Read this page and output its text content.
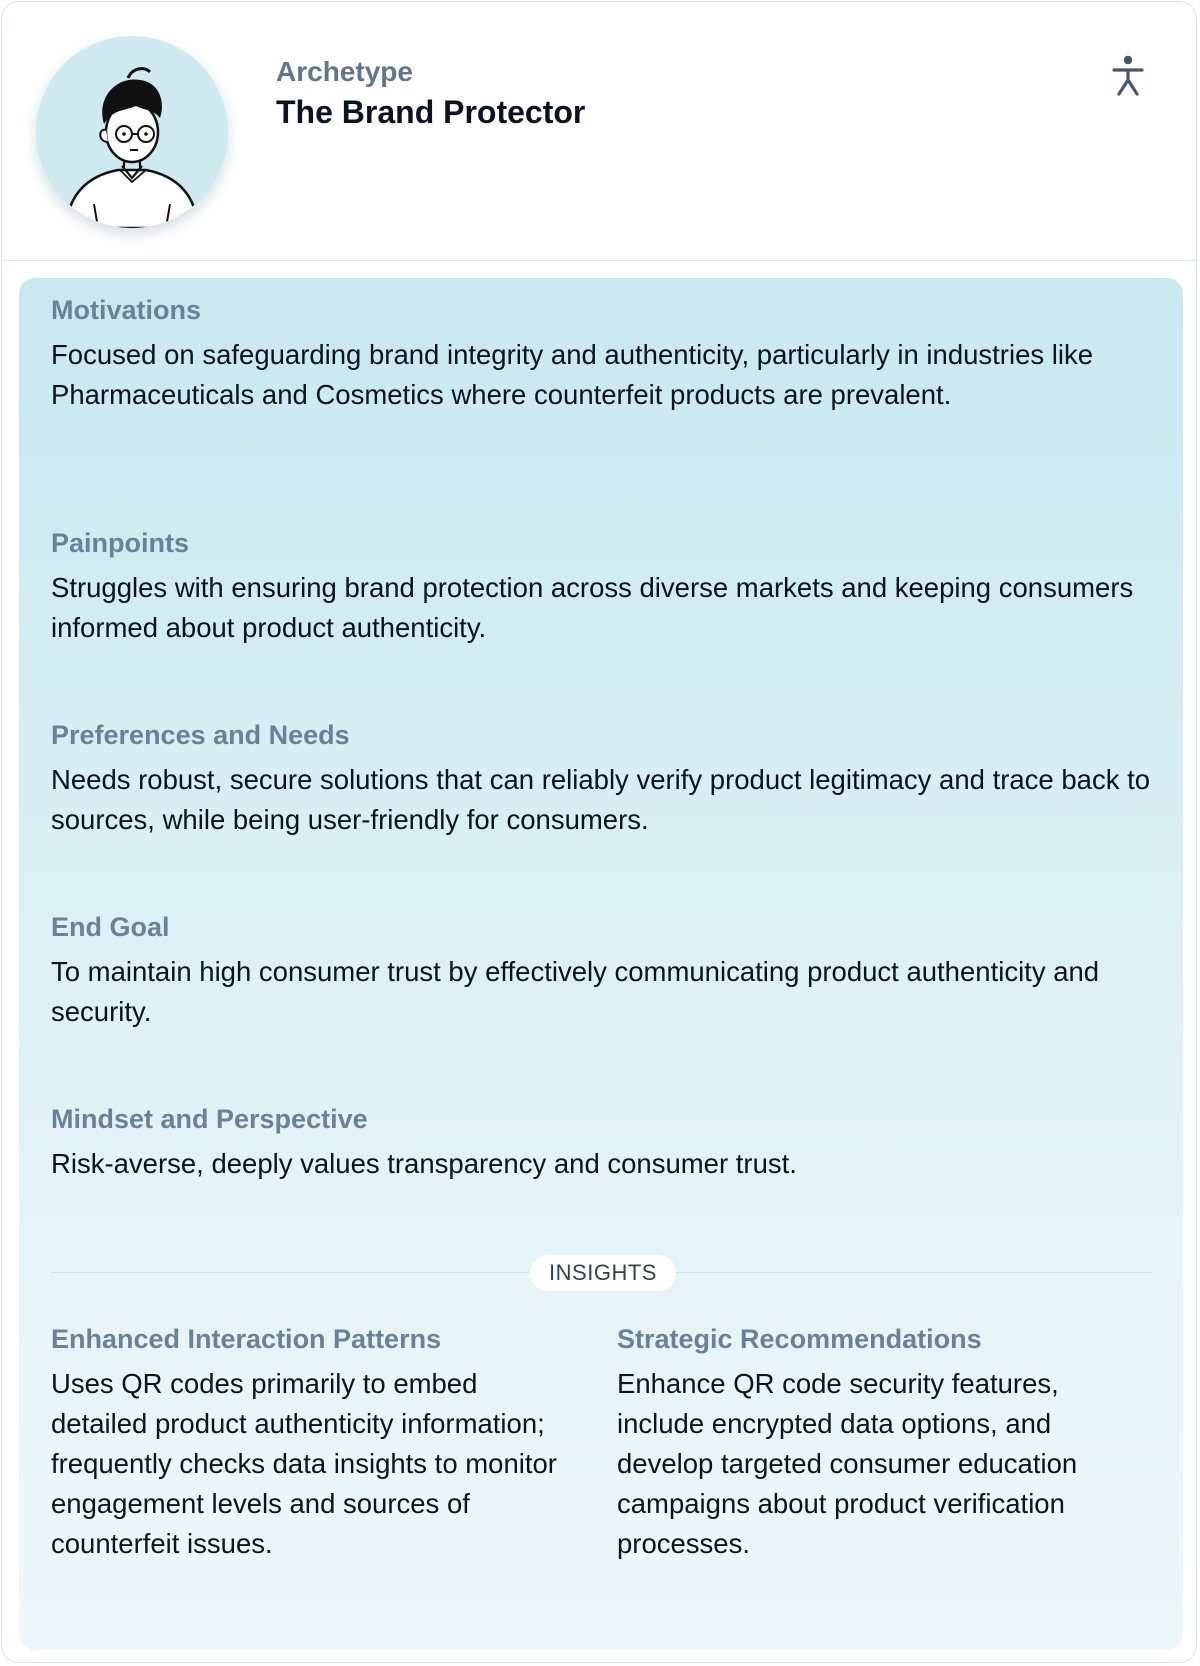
Archetype
The Brand Protector
Motivations
Focused on safeguarding brand integrity and authenticity, particularly in industries like Pharmaceuticals and Cosmetics where counterfeit products are prevalent.
Painpoints
Struggles with ensuring brand protection across diverse markets and keeping consumers informed about product authenticity.
Preferences and Needs
Needs robust, secure solutions that can reliably verify product legitimacy and trace back to sources, while being user-friendly for consumers.
End Goal
To maintain high consumer trust by effectively communicating product authenticity and security.
Mindset and Perspective
Risk-averse, deeply values transparency and consumer trust.
INSIGHTS
Enhanced Interaction Patterns
Uses QR codes primarily to embed detailed product authenticity information; frequently checks data insights to monitor engagement levels and sources of counterfeit issues.
Strategic Recommendations
Enhance QR code security features, include encrypted data options, and develop targeted consumer education campaigns about product verification processes.
